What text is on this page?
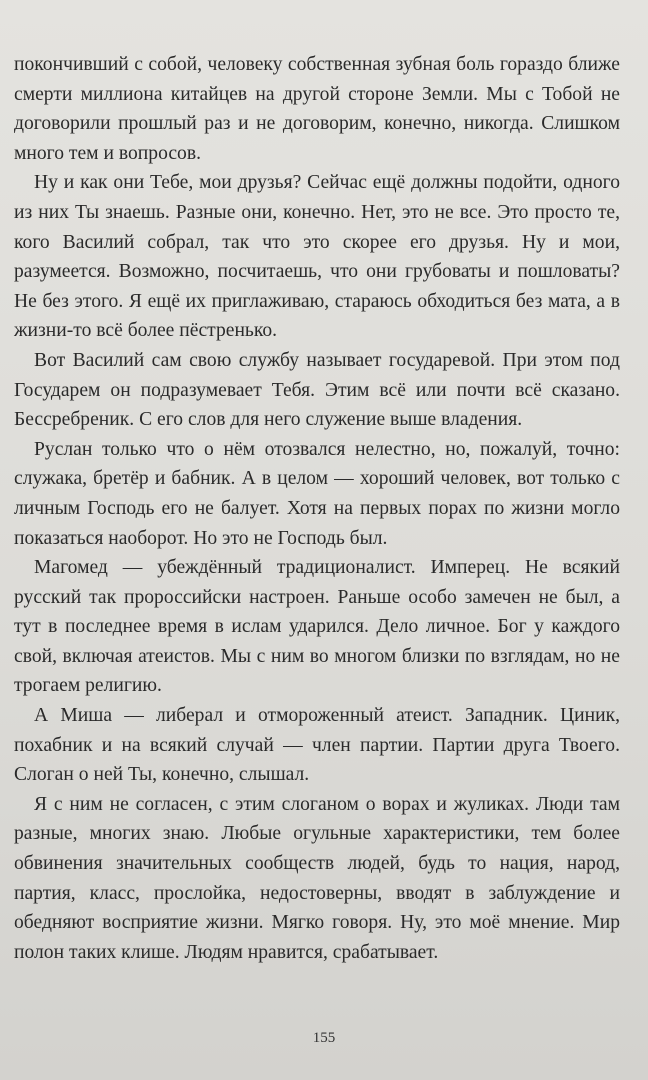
покончивший с собой, человеку собственная зубная боль гораздо ближе смерти миллиона китайцев на другой стороне Земли. Мы с Тобой не договорили прошлый раз и не договорим, конечно, никогда. Слишком много тем и вопросов.

Ну и как они Тебе, мои друзья? Сейчас ещё должны подойти, одного из них Ты знаешь. Разные они, конечно. Нет, это не все. Это просто те, кого Василий собрал, так что это скорее его друзья. Ну и мои, разумеется. Возможно, посчитаешь, что они грубоваты и пошловаты? Не без этого. Я ещё их приглаживаю, стараюсь обходиться без мата, а в жизни-то всё более пёстренько.

Вот Василий сам свою службу называет государевой. При этом под Государем он подразумевает Тебя. Этим всё или почти всё сказано. Бессребреник. С его слов для него служение выше владения.

Руслан только что о нём отозвался нелестно, но, пожалуй, точно: служака, бретёр и бабник. А в целом — хороший человек, вот только с личным Господь его не балует. Хотя на первых порах по жизни могло показаться наоборот. Но это не Господь был.

Магомед — убеждённый традиционалист. Имперец. Не всякий русский так пророссийски настроен. Раньше особо замечен не был, а тут в последнее время в ислам ударился. Дело личное. Бог у каждого свой, включая атеистов. Мы с ним во многом близки по взглядам, но не трогаем религию.

А Миша — либерал и отмороженный атеист. Западник. Циник, похабник и на всякий случай — член партии. Партии друга Твоего. Слоган о ней Ты, конечно, слышал.

Я с ним не согласен, с этим слоганом о ворах и жуликах. Люди там разные, многих знаю. Любые огульные характеристики, тем более обвинения значительных сообществ людей, будь то нация, народ, партия, класс, прослойка, недостоверны, вводят в заблуждение и обедняют восприятие жизни. Мягко говоря. Ну, это моё мнение. Мир полон таких клише. Людям нравится, срабатывает.

155
